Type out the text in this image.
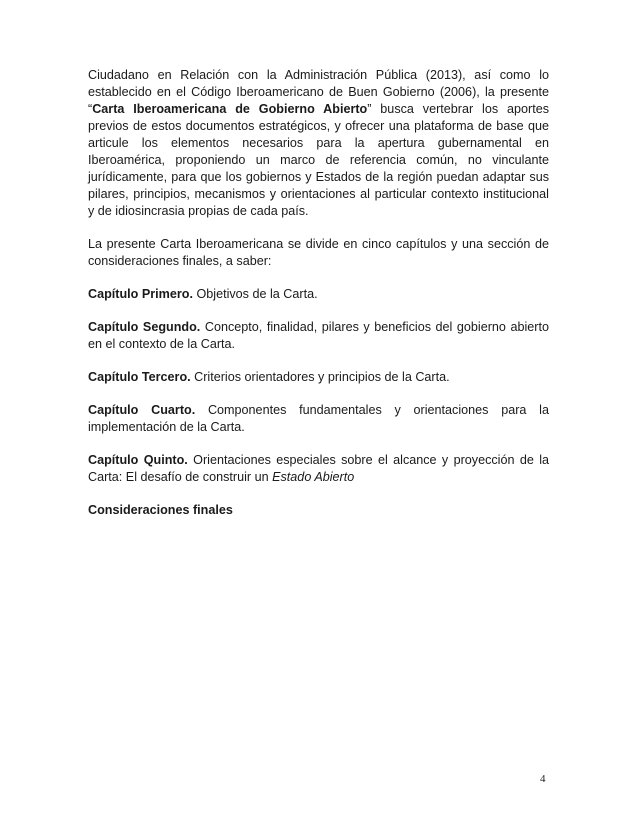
Ciudadano en Relación con la Administración Pública (2013), así como lo establecido en el Código Iberoamericano de Buen Gobierno (2006), la presente “Carta Iberoamericana de Gobierno Abierto” busca vertebrar los aportes previos de estos documentos estratégicos, y ofrecer una plataforma de base que articule los elementos necesarios para la apertura gubernamental en Iberoamérica, proponiendo un marco de referencia común, no vinculante jurídicamente, para que los gobiernos y Estados de la región puedan adaptar sus pilares, principios, mecanismos y orientaciones al particular contexto institucional y de idiosincrasia propias de cada país.

La presente Carta Iberoamericana se divide en cinco capítulos y una sección de consideraciones finales, a saber:

Capítulo Primero. Objetivos de la Carta.

Capítulo Segundo. Concepto, finalidad, pilares y beneficios del gobierno abierto en el contexto de la Carta.

Capítulo Tercero. Criterios orientadores y principios de la Carta.

Capítulo Cuarto. Componentes fundamentales y orientaciones para la implementación de la Carta.

Capítulo Quinto. Orientaciones especiales sobre el alcance y proyección de la Carta: El desafío de construir un Estado Abierto

Consideraciones finales

4
